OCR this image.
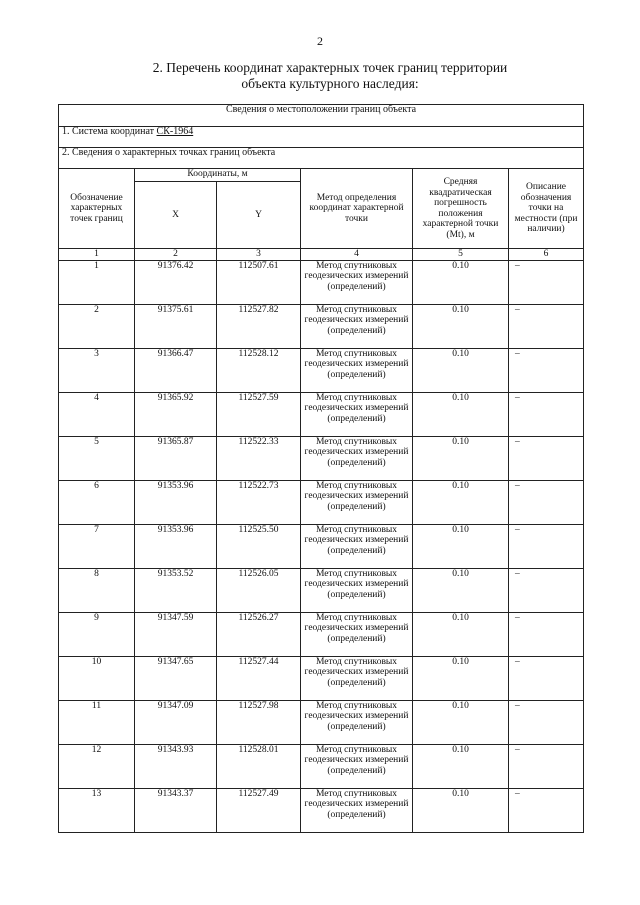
2
2. Перечень координат характерных точек границ территории
объекта культурного наследия:
Сведения о местоположении границ объекта					
1. Система координат СК-1964					
2. Сведения о характерных точках границ объекта					
Обозначение характерных точек границ	Координаты, м		Метод определения координат характерной точки	Средняя квадратическая погрешность положения характерной точки (Мt), м	Описание обозначения точки на местности (при наличии)
	X	Y			
1	2	3	4	5	6
1	91376.42	112507.61	Метод спутниковых геодезических измерений (определений)	0.10	–
2	91375.61	112527.82	Метод спутниковых геодезических измерений (определений)	0.10	–
3	91366.47	112528.12	Метод спутниковых геодезических измерений (определений)	0.10	–
4	91365.92	112527.59	Метод спутниковых геодезических измерений (определений)	0.10	–
5	91365.87	112522.33	Метод спутниковых геодезических измерений (определений)	0.10	–
6	91353.96	112522.73	Метод спутниковых геодезических измерений (определений)	0.10	–
7	91353.96	112525.50	Метод спутниковых геодезических измерений (определений)	0.10	–
8	91353.52	112526.05	Метод спутниковых геодезических измерений (определений)	0.10	–
9	91347.59	112526.27	Метод спутниковых геодезических измерений (определений)	0.10	–
10	91347.65	112527.44	Метод спутниковых геодезических измерений (определений)	0.10	–
11	91347.09	112527.98	Метод спутниковых геодезических измерений (определений)	0.10	–
12	91343.93	112528.01	Метод спутниковых геодезических измерений (определений)	0.10	–
13	91343.37	112527.49	Метод спутниковых геодезических измерений (определений)	0.10	–
